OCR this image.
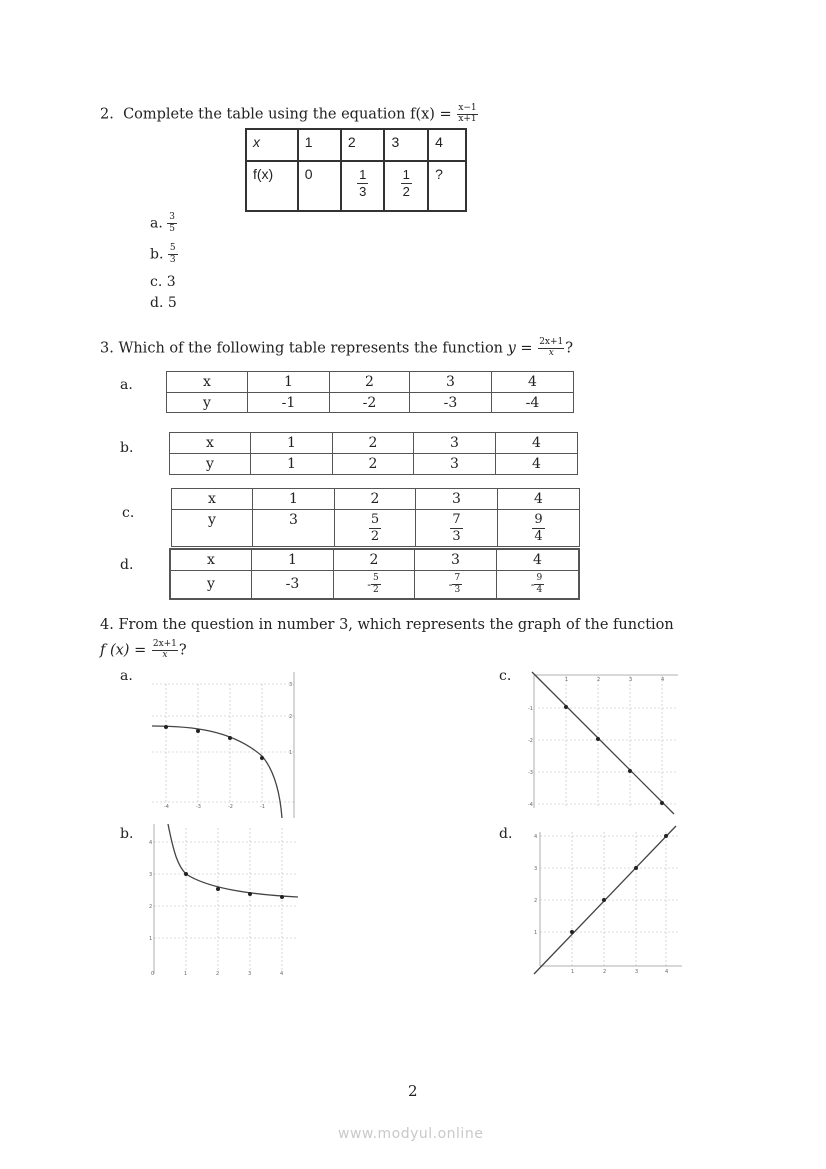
2. Complete the table using the equation $f(x) = \frac{x-1}{x+1}$
x	1	2	3	4
f(x)	0	$\frac{1}{3}$	$\frac{1}{2}$	?
a. $\frac{3}{5}$
b. $\frac{5}{3}$
c. 3
d. 5
3. Which of the following table represents the function $y = \frac{2x+1}{x}$ ?
a.	x	1	2	3	4
y	-1	-2	-3	-4
b.	x	1	2	3	4
y	1	2	3	4
c.
x	1	2	3	4
y	3	$\frac{5}{2}$	$\frac{7}{3}$	$\frac{9}{4}$
d.	x	1	2	3	4
y	-3	- $\frac{5}{2}$	- $\frac{7}{3}$	- $\frac{9}{4}$
4. From the question in number 3, which represents the graph of the function
f $(x) = \frac{2x+1}{x}$ ?
a.
b.
c.
d.
-4	-3	-2	-1
3
2
1
0	1	2	3	4
4
3
2
1
1	2	3	4
-1
-2
-3
-4
1	2	3	4
4
3
2
1
2
www.modyul.online
